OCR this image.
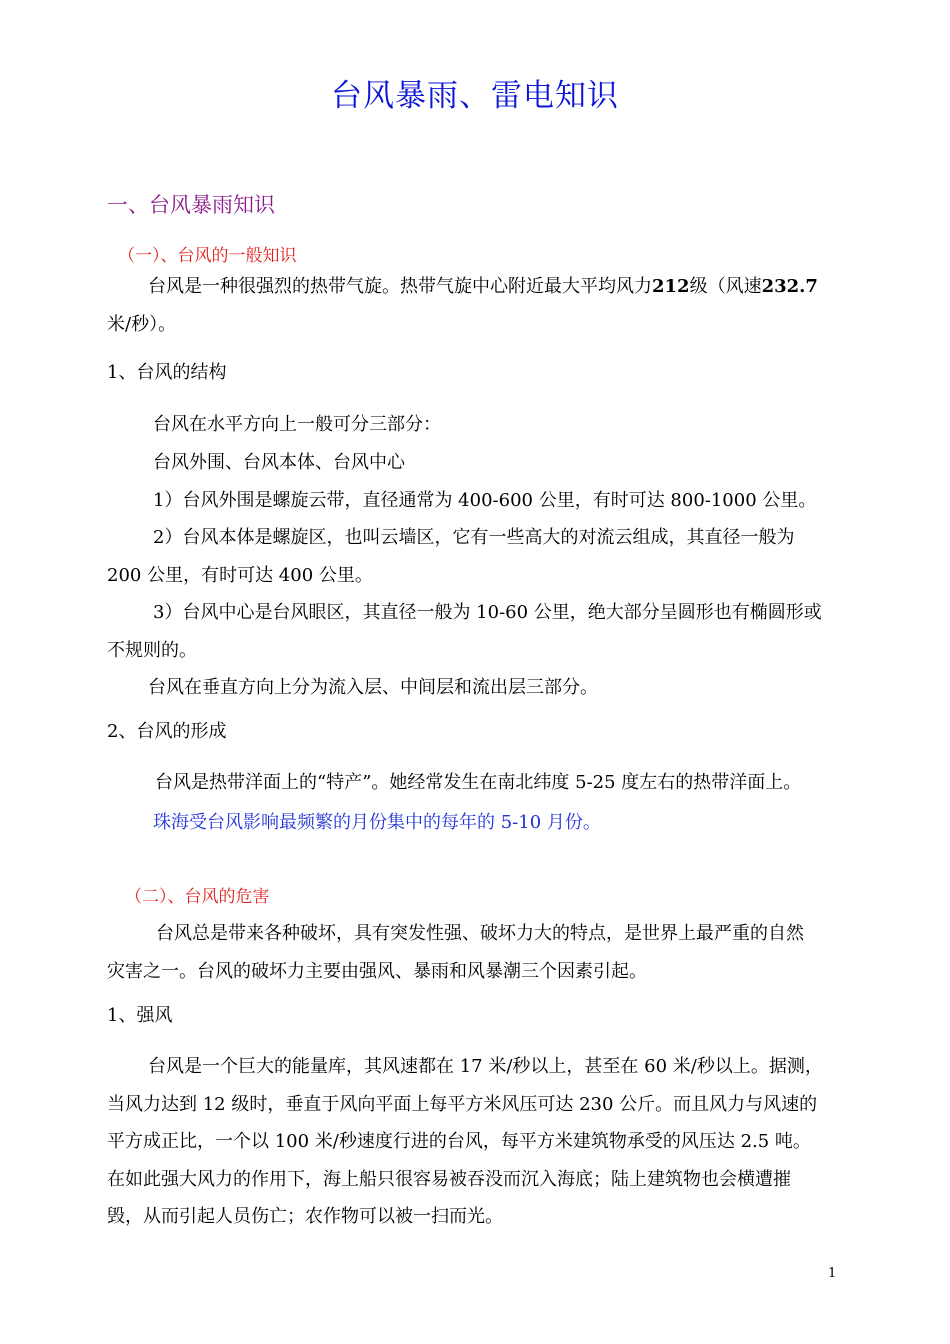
台风暴雨、雷电知识
一、台风暴雨知识
（一）、台风的一般知识
台风是一种很强烈的热带气旋。热带气旋中心附近最大平均风力212级（风速232.7
米/秒）。
1、台风的结构
台风在水平方向上一般可分三部分：
台风外围、台风本体、台风中心
1）台风外围是螺旋云带，直径通常为 400-600 公里，有时可达 800-1000 公里。
2）台风本体是螺旋区，也叫云墙区，它有一些高大的对流云组成，其直径一般为
200 公里，有时可达 400 公里。
3）台风中心是台风眼区，其直径一般为 10-60 公里，绝大部分呈圆形也有椭圆形或
不规则的。
台风在垂直方向上分为流入层、中间层和流出层三部分。
2、台风的形成
台风是热带洋面上的“特产”。她经常发生在南北纬度 5-25 度左右的热带洋面上。
珠海受台风影响最频繁的月份集中的每年的 5-10 月份。
（二）、台风的危害
台风总是带来各种破坏，具有突发性强、破坏力大的特点，是世界上最严重的自然
灾害之一。台风的破坏力主要由强风、暴雨和风暴潮三个因素引起。
1、强风
台风是一个巨大的能量库，其风速都在 17 米/秒以上，甚至在 60 米/秒以上。据测，
当风力达到 12 级时，垂直于风向平面上每平方米风压可达 230 公斤。而且风力与风速的
平方成正比，一个以 100 米/秒速度行进的台风，每平方米建筑物承受的风压达 2.5 吨。
在如此强大风力的作用下，海上船只很容易被吞没而沉入海底；陆上建筑物也会横遭摧
毁，从而引起人员伤亡；农作物可以被一扫而光。
1
